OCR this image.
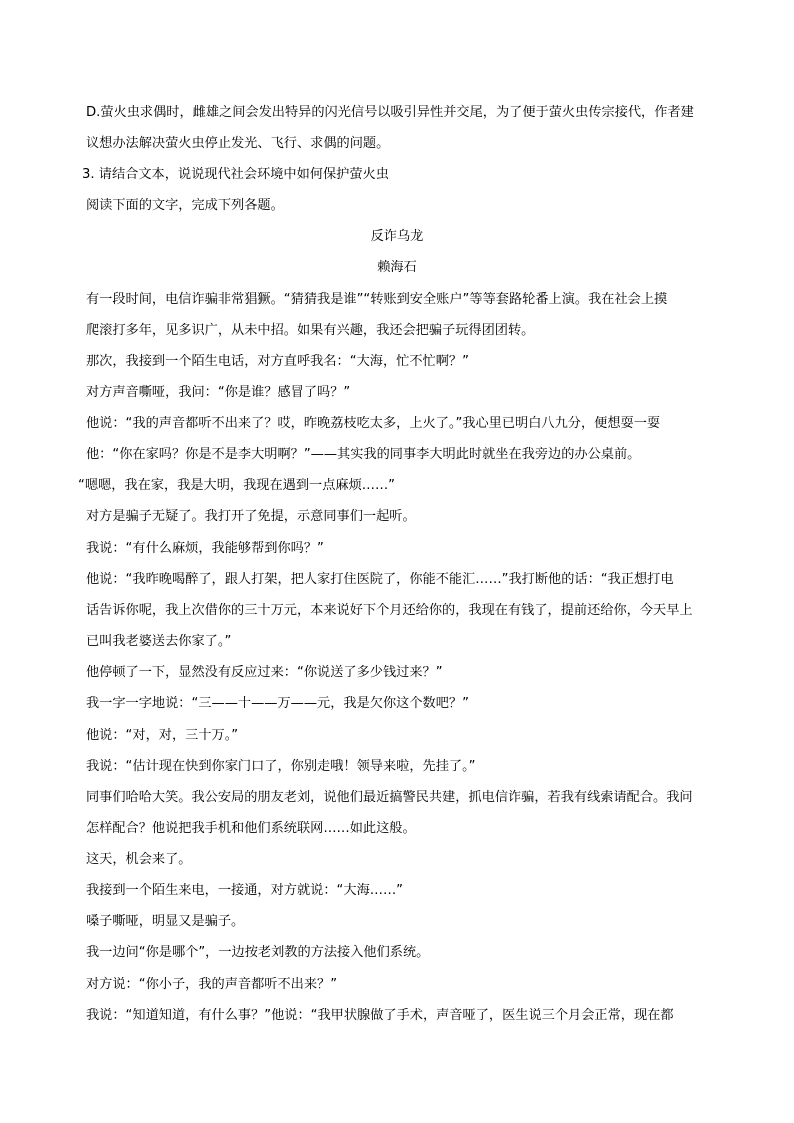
D.萤火虫求偶时，雌雄之间会发出特异的闪光信号以吸引异性并交尾，为了便于萤火虫传宗接代，作者建
议想办法解决萤火虫停止发光、飞行、求偶的问题。
3. 请结合文本，说说现代社会环境中如何保护萤火虫
阅读下面的文字，完成下列各题。
反诈乌龙
赖海石
有一段时间，电信诈骗非常猖獗。“猜猜我是谁”“转账到安全账户”等等套路轮番上演。我在社会上摸
爬滚打多年，见多识广，从未中招。如果有兴趣，我还会把骗子玩得团团转。
那次，我接到一个陌生电话，对方直呼我名：“大海，忙不忙啊？”
对方声音嘶哑，我问：“你是谁？感冒了吗？”
他说：“我的声音都听不出来了？哎，昨晚荔枝吃太多，上火了。”我心里已明白八九分，便想耍一耍
他：“你在家吗？你是不是李大明啊？”——其实我的同事李大明此时就坐在我旁边的办公桌前。
“嗯嗯，我在家，我是大明，我现在遇到一点麻烦……”
对方是骗子无疑了。我打开了免提，示意同事们一起听。
我说：“有什么麻烦，我能够帮到你吗？”
他说：“我昨晚喝醉了，跟人打架，把人家打住医院了，你能不能汇……”我打断他的话：“我正想打电
话告诉你呢，我上次借你的三十万元，本来说好下个月还给你的，我现在有钱了，提前还给你，今天早上
已叫我老婆送去你家了。”
他停顿了一下，显然没有反应过来：“你说送了多少钱过来？”
我一字一字地说：“三——十——万——元，我是欠你这个数吧？”
他说：“对，对，三十万。”
我说：“估计现在快到你家门口了，你别走哦！领导来啦，先挂了。”
同事们哈哈大笑。我公安局的朋友老刘，说他们最近搞警民共建，抓电信诈骗，若我有线索请配合。我问
怎样配合？他说把我手机和他们系统联网……如此这般。
这天，机会来了。
我接到一个陌生来电，一接通，对方就说：“大海……”
嗓子嘶哑，明显又是骗子。
我一边问“你是哪个”，一边按老刘教的方法接入他们系统。
对方说：“你小子，我的声音都听不出来？”
我说：“知道知道，有什么事？”他说：“我甲状腺做了手术，声音哑了，医生说三个月会正常，现在都
